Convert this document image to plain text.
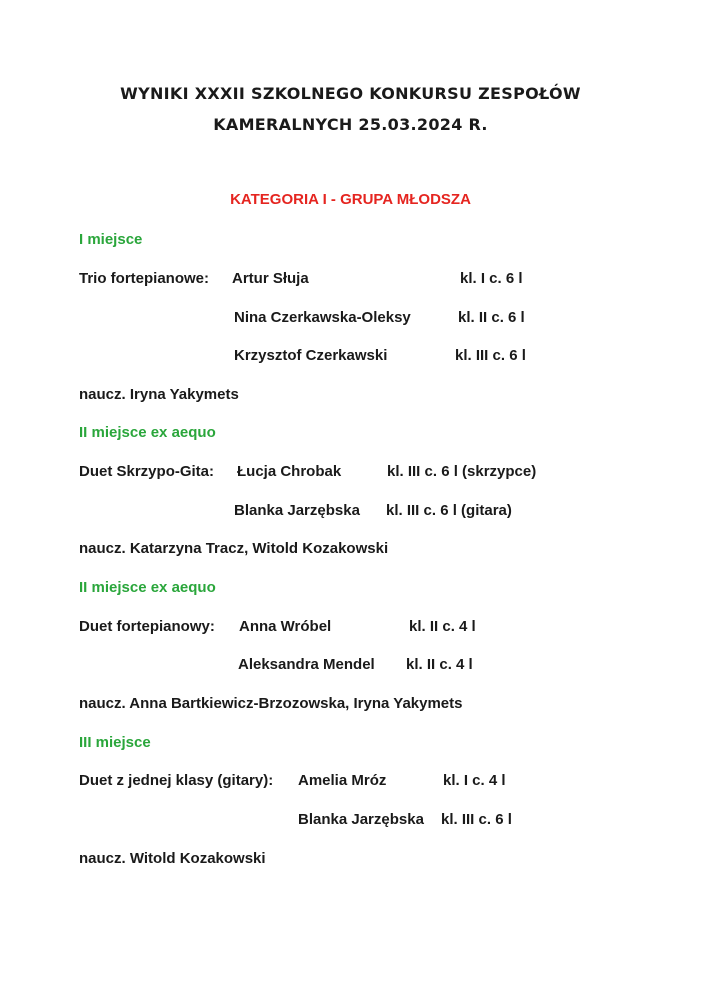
WYNIKI XXXII SZKOLNEGO KONKURSU ZESPOŁÓW
KAMERALNYCH 25.03.2024 R.
KATEGORIA I - GRUPA MŁODSZA
I miejsce
Trio fortepianowe: Artur Słuja	kl. I c. 6 l
Nina Czerkawska-Oleksy	kl. II c. 6 l
Krzysztof Czerkawski	kl. III c. 6 l
naucz. Iryna Yakymets
II miejsce ex aequo
Duet Skrzypo-Gita: Łucja Chrobak	kl. III c. 6 l (skrzypce)
Blanka Jarzębska kl. III c. 6 l (gitara)
naucz. Katarzyna Tracz, Witold Kozakowski
II miejsce ex aequo
Duet fortepianowy: Anna Wróbel	kl. II c. 4 l
Aleksandra Mendel kl. II c. 4 l
naucz. Anna Bartkiewicz-Brzozowska, Iryna Yakymets
III miejsce
Duet z jednej klasy (gitary): Amelia Mróz	kl. I c. 4 l
Blanka Jarzębska kl. III c. 6 l
naucz. Witold Kozakowski
